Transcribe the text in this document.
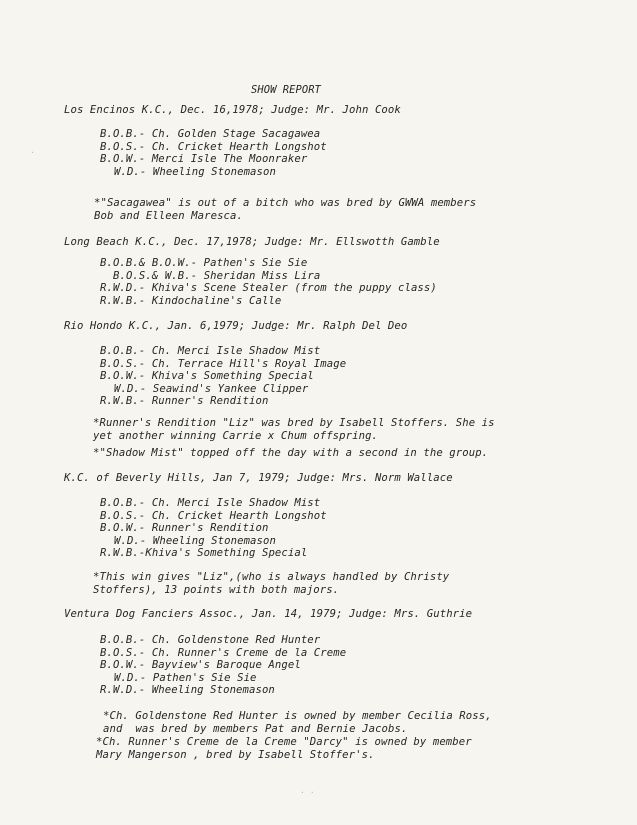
·
· ·
SHOW REPORT
Los Encinos K.C., Dec. 16,1978; Judge: Mr. John Cook
B.O.B.- Ch. Golden Stage Sacagawea
B.O.S.- Ch. Cricket Hearth Longshot
B.O.W.- Merci Isle The Moonraker
W.D.- Wheeling Stonemason
*"Sacagawea" is out of a bitch who was bred by GWWA members
Bob and Elleen Maresca.
Long Beach K.C., Dec. 17,1978; Judge: Mr. Ellswotth Gamble
B.O.B.& B.O.W.- Pathen's Sie Sie
B.O.S.& W.B.- Sheridan Miss Lira
R.W.D.- Khiva's Scene Stealer (from the puppy class)
R.W.B.- Kindochaline's Calle
Rio Hondo K.C., Jan. 6,1979; Judge: Mr. Ralph Del Deo
B.O.B.- Ch. Merci Isle Shadow Mist
B.O.S.- Ch. Terrace Hill's Royal Image
B.O.W.- Khiva's Something Special
W.D.- Seawind's Yankee Clipper
R.W.B.- Runner's Rendition
*Runner's Rendition "Liz" was bred by Isabell Stoffers. She is
yet another winning Carrie x Chum offspring.
*"Shadow Mist" topped off the day with a second in the group.
K.C. of Beverly Hills, Jan 7, 1979; Judge: Mrs. Norm Wallace
B.O.B.- Ch. Merci Isle Shadow Mist
B.O.S.- Ch. Cricket Hearth Longshot
B.O.W.- Runner's Rendition
W.D.- Wheeling Stonemason
R.W.B.-Khiva's Something Special
*This win gives "Liz",(who is always handled by Christy
Stoffers), 13 points with both majors.
Ventura Dog Fanciers Assoc., Jan. 14, 1979; Judge: Mrs. Guthrie
B.O.B.- Ch. Goldenstone Red Hunter
B.O.S.- Ch. Runner's Creme de la Creme
B.O.W.- Bayview's Baroque Angel
W.D.- Pathen's Sie Sie
R.W.D.- Wheeling Stonemason
*Ch. Goldenstone Red Hunter is owned by member Cecilia Ross,
and  was bred by members Pat and Bernie Jacobs.
*Ch. Runner's Creme de la Creme "Darcy" is owned by member
Mary Mangerson , bred by Isabell Stoffer's.
